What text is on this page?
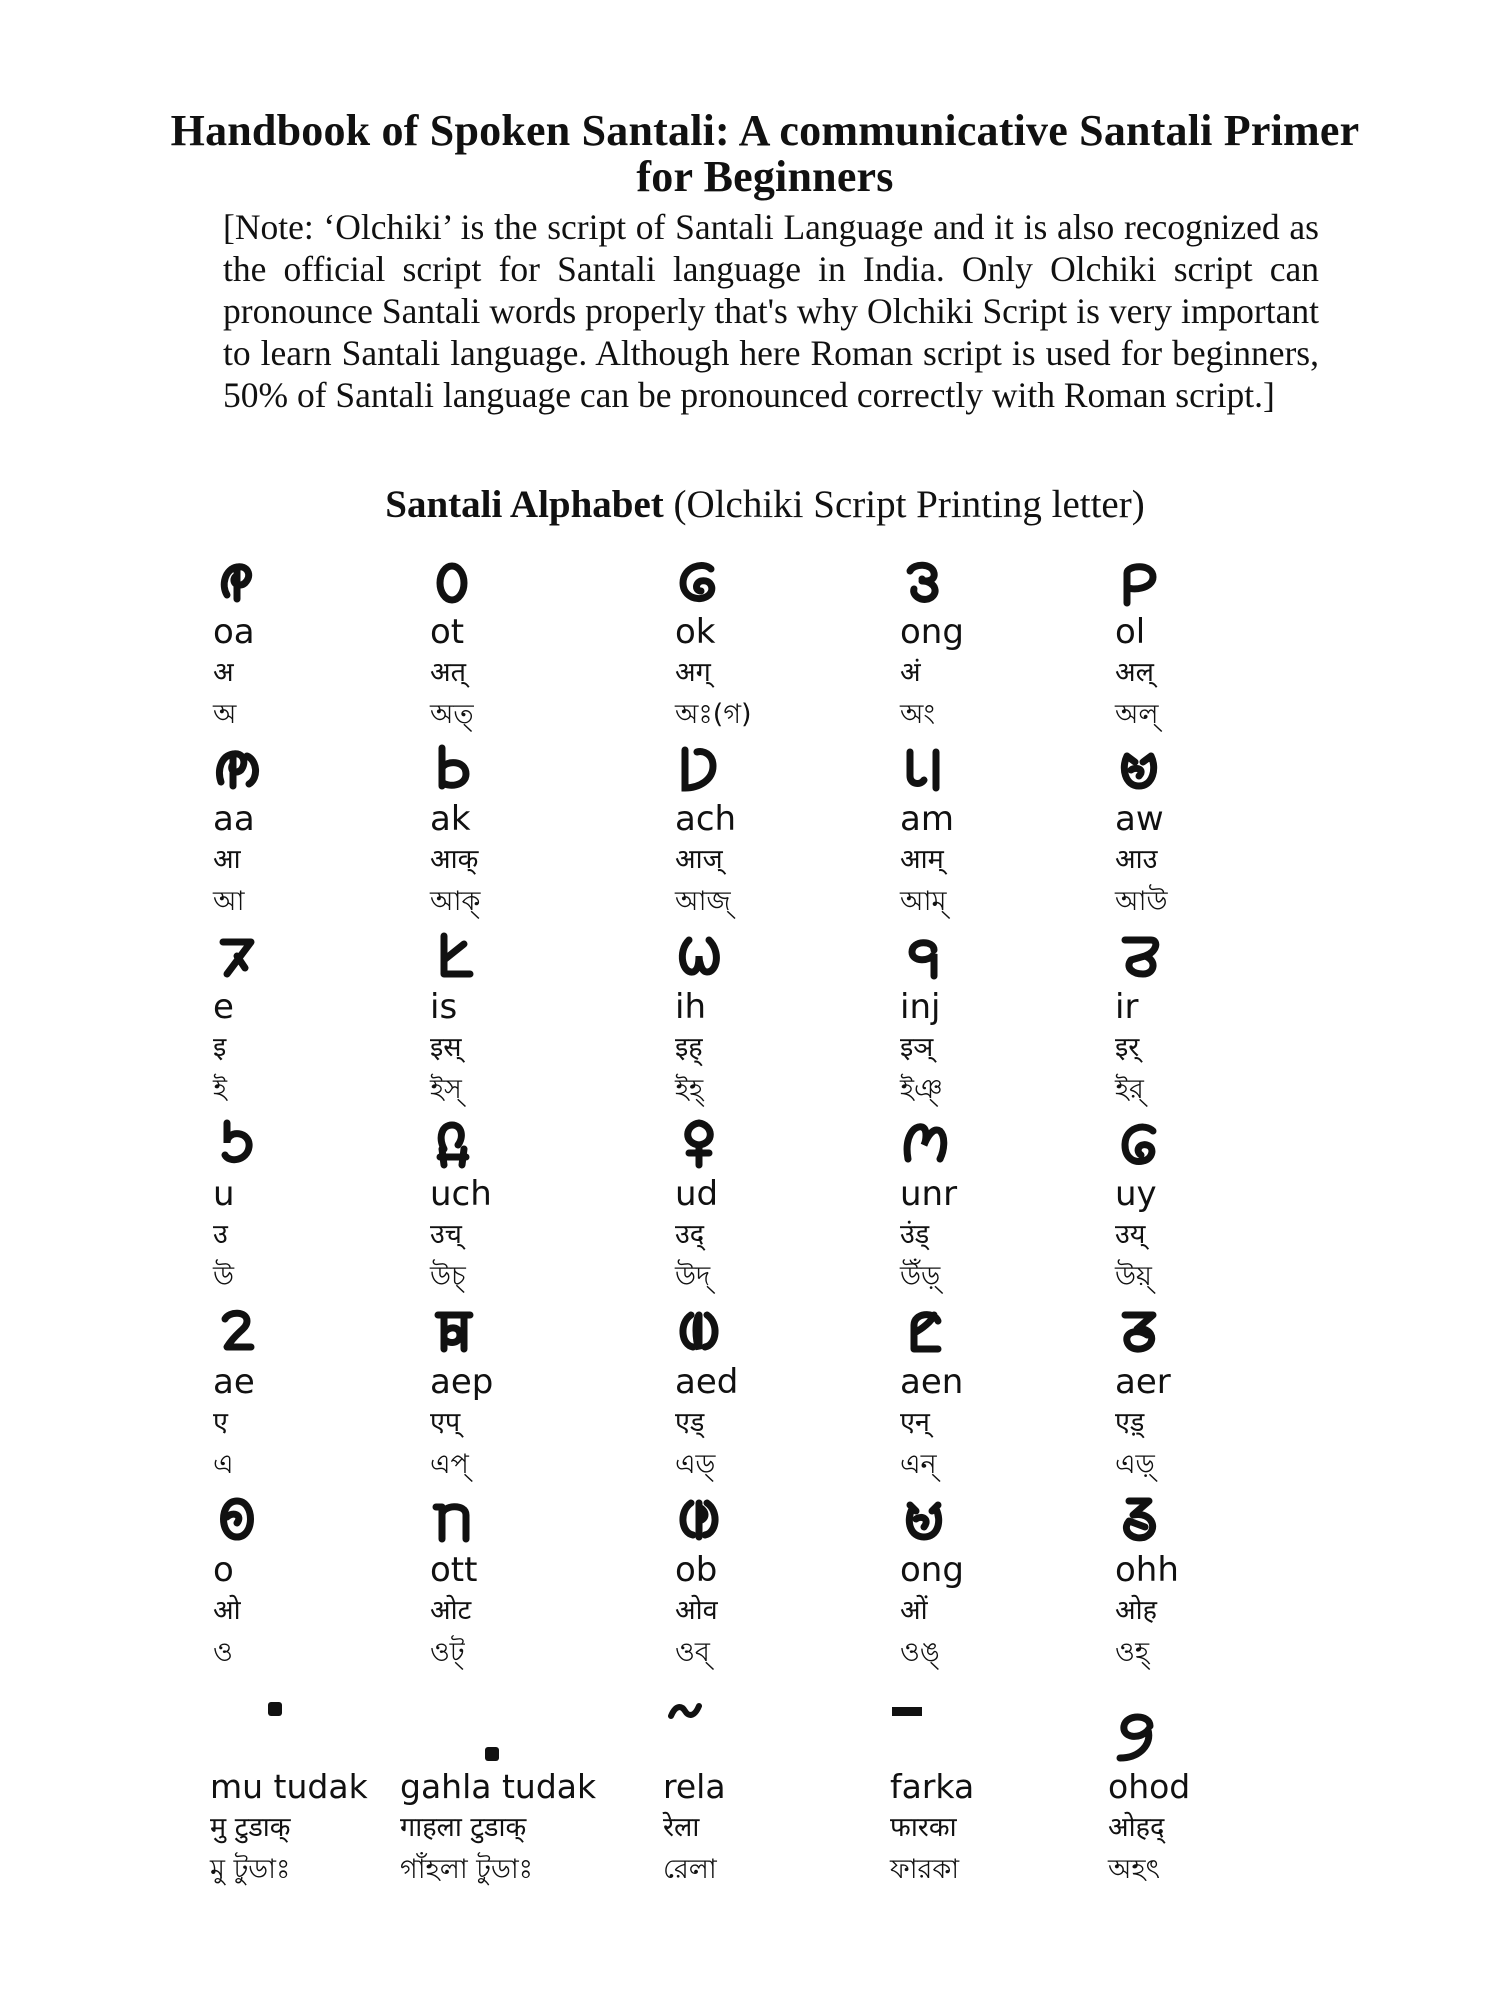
Handbook of Spoken Santali: A communicative Santali Primer for Beginners
[Note: ‘Olchiki’ is the script of Santali Language and it is also recognized as the official script for Santali language in India. Only Olchiki script can pronounce Santali words properly that's why Olchiki Script is very important to learn Santali language. Although here Roman script is used for beginners, 50% of Santali language can be pronounced correctly with Roman script.]
Santali Alphabet (Olchiki Script Printing letter)
oa
अ
অ
ot
अत्
অত্
ok
अग्
অঃ(গ)
ong
अं
অং
ol
अल्
অল্
aa
आ
আ
ak
आक्
আক্
ach
आज्
আজ্
am
आम्
আম্
aw
आउ
আউ
e
इ
ই
is
इस्
ইস্
ih
इह्
ইহ্
inj
इञ्
ইঞ্
ir
इर्
ইর্
u
उ
উ
uch
उच्
উচ্
ud
उद्
উদ্
unr
उंड्
উঁড়্
uy
उय्
উয়্
ae
ए
এ
aep
एप्
এপ্
aed
एड्
এড্
aen
एन्
এন্
aer
एड़्
এড়্
o
ओ
ও
ott
ओट
ওট্
ob
ओव
ওব্
ong
ओं
ওঙ্
ohh
ओह
ওহ্
mu tudak
मु टुडाक्
মু টুডাঃ
gahla tudak
गाहला टुडाक्
গাঁহলা টুডাঃ
rela
रेला
রেলা
farka
फारका
ফারকা
ohod
ओहद्
অহৎ
